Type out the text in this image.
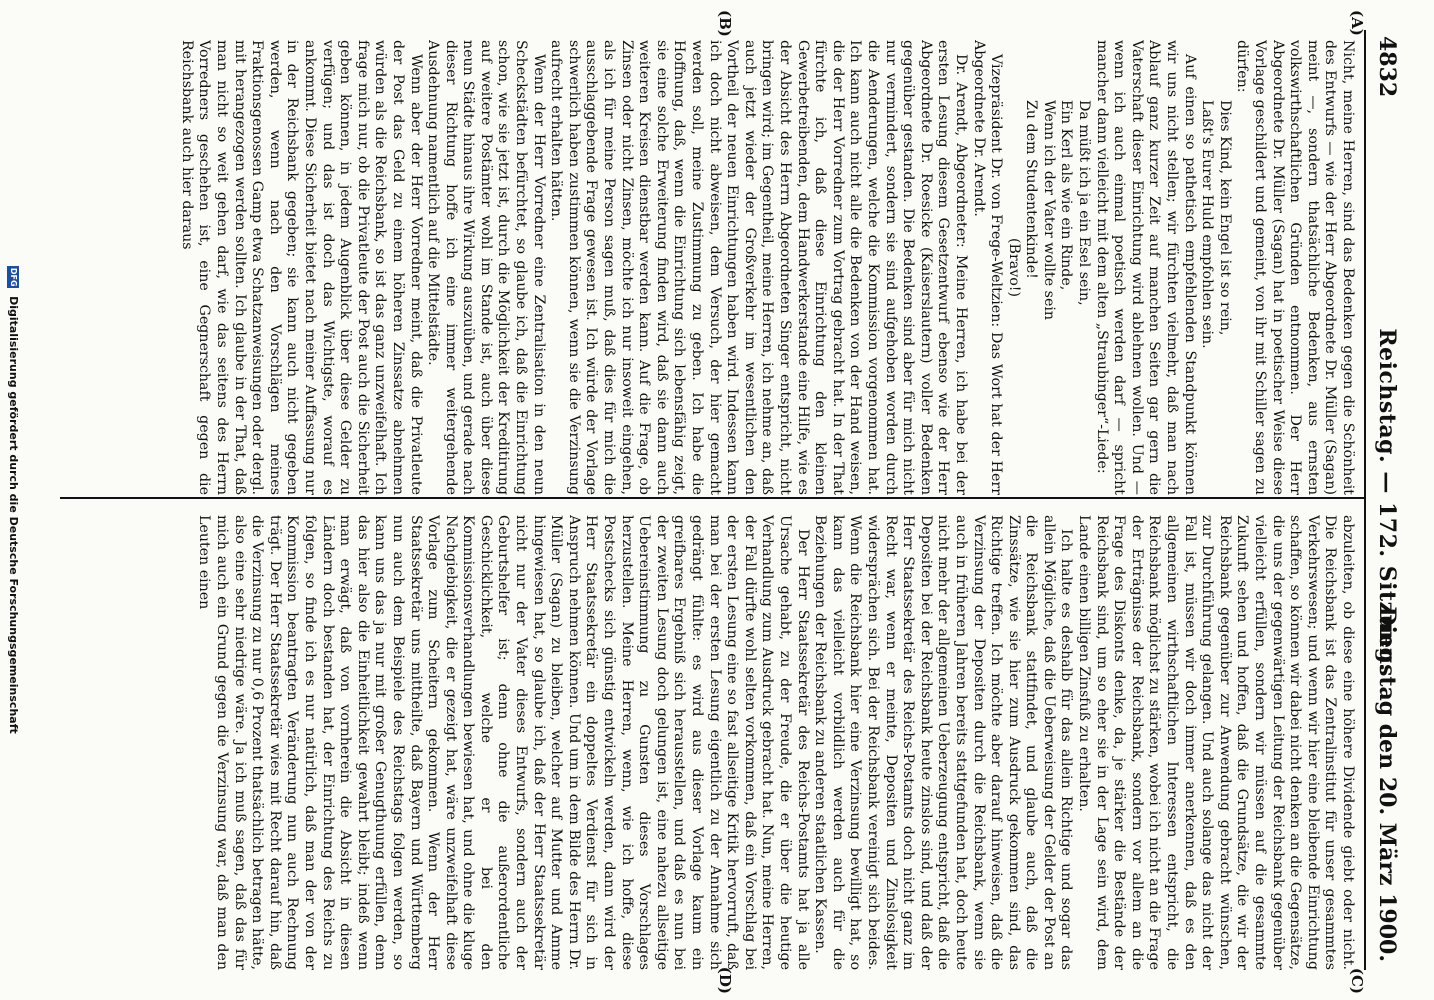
4832
Reichstag. — 172. Sitzung.
Dienstag den 20. März 1900.
(A)
(B)
(C)
(D)

Nicht, meine Herren, sind das Bedenken gegen die Schönheit des Entwurfs — wie der Herr Abgeordnete Dr. Müller (Sagan) meint —, sondern thatsächliche Bedenken, aus ernsten volkswirthschaftlichen Gründen entnommen. Der Herr Abgeordnete Dr. Müller (Sagan) hat in poetischer Weise diese Vorlage geschildert und gemeint, von ihr mit Schiller sagen zu dürfen:

Dies Kind, kein Engel ist so rein,

Laßt's Eurer Huld empfohlen sein.

Auf einen so pathetisch empfehlenden Standpunkt können wir uns nicht stellen; wir fürchten vielmehr, daß man nach Ablauf ganz kurzer Zeit auf manchen Seiten gar gern die Vaterschaft dieser Einrichtung wird ablehnen wollen. Und — wenn ich auch einmal poetisch werden darf — spricht mancher dann vielleicht mit dem alten „Straubinger“-Liede:

Da müßt ich ja ein Esel sein,

Ein Kerl als wie ein Rinde,

Wenn ich der Vater wollte sein

Zu dem Studentenkinde!

(Bravo!)

Vizepräsident Dr. von Frege-Weltzien: Das Wort hat der Herr Abgeordnete Dr. Arendt.

Dr. Arendt, Abgeordneter: Meine Herren, ich habe bei der ersten Lesung diesem Gesetzentwurf ebenso wie der Herr Abgeordnete Dr. Roesicke (Kaiserslautern) voller Bedenken gegenüber gestanden. Die Bedenken sind aber für mich nicht nur vermindert, sondern sie sind aufgehoben worden durch die Aenderungen, welche die Kommission vorgenommen hat. Ich kann auch nicht alle die Bedenken von der Hand weisen, die der Herr Vorredner zum Vortrag gebracht hat. In der That fürchte ich, daß diese Einrichtung den kleinen Gewerbetreibenden, dem Handwerkerstande eine Hilfe, wie es der Absicht des Herrn Abgeordneten Singer entspricht, nicht bringen wird; im Gegentheil, meine Herren, ich nehme an, daß auch jetzt wieder der Großverkehr im wesentlichen den Vortheil der neuen Einrichtungen haben wird. Indessen kann ich doch nicht abweisen, dem Versuch, der hier gemacht werden soll, meine Zustimmung zu geben. Ich habe die Hoffnung, daß, wenn die Einrichtung sich lebensfähig zeigt, sie eine solche Erweiterung finden wird, daß sie dann auch weiteren Kreisen dienstbar werden kann. Auf die Frage, ob Zinsen oder nicht Zinsen, möchte ich nur insoweit eingehen, als ich für meine Person sagen muß, daß dies für mich die ausschlaggebende Frage gewesen ist. Ich würde der Vorlage schwerlich haben zustimmen können, wenn sie die Verzinsung aufrecht erhalten hätten.

Wenn der Herr Vorredner eine Zentralisation in den neun Scheckstädten befürchtet, so glaube ich, daß die Einrichtung schon, wie sie jetzt ist, durch die Möglichkeit der Kreditirung auf weitere Postämter wohl im Stande ist, auch über diese neun Städte hinaus ihre Wirkung auszuüben, und gerade nach dieser Richtung hoffe ich eine immer weitergehende Ausdehnung namentlich auf die Mittelstädte.

Wenn aber der Herr Vorredner meint, daß die Privatleute der Post das Geld zu einem höheren Zinssatze abnehmen würden als die Reichsbank, so ist das ganz unzweifelhaft. Ich frage mich nur, ob die Privatleute der Post auch die Sicherheit geben können, in jedem Augenblick über diese Gelder zu verfügen; und das ist doch das Wichtigste, worauf es ankommt. Diese Sicherheit bietet nach meiner Auffassung nur in der Reichsbank gegeben; sie kann auch nicht gegeben werden, wenn nach den Vorschlägen meines Fraktionsgenossen Gamp etwa Schatzanweisungen oder dergl. mit herangezogen werden sollten. Ich glaube in der That, daß man nicht so weit gehen darf, wie das seitens des Herrn Vorredners geschehen ist, eine Gegnerschaft gegen die Reichsbank auch hier daraus

abzuleiten, ob diese eine höhere Dividende giebt oder nicht. Die Reichsbank ist das Zentralinstitut für unser gesammtes Verkehrswesen; und wenn wir hier eine bleibende Einrichtung schaffen, so können wir dabei nicht denken an die Gegensätze, die uns der gegenwärtigen Leitung der Reichsbank gegenüber vielleicht erfüllen, sondern wir müssen auf die gesammte Zukunft sehen und hoffen, daß die Grundsätze, die wir der Reichsbank gegenüber zur Anwendung gebracht wünschen, zur Durchführung gelangen. Und auch solange das nicht der Fall ist, müssen wir doch immer anerkennen, daß es den allgemeinen wirthschaftlichen Interessen entspricht, die Reichsbank möglichst zu stärken, wobei ich nicht an die Frage der Erträgnisse der Reichsbank, sondern vor allem an die Frage des Diskonts denke, da, je stärker die Bestände der Reichsbank sind, um so eher sie in der Lage sein wird, dem Lande einen billigen Zinsfuß zu erhalten.

Ich halte es deshalb für das allein Richtige und sogar das allein Mögliche, daß die Ueberweisung der Gelder der Post an die Reichsbank stattfindet, und glaube auch, daß die Zinssätze, wie sie hier zum Ausdruck gekommen sind, das Richtige treffen. Ich möchte aber darauf hinweisen, daß die Verzinsung der Depositen durch die Reichsbank, wenn sie auch in früheren Jahren bereits stattgefunden hat, doch heute nicht mehr der allgemeinen Ueberzeugung entspricht, daß die Depositen bei der Reichsbank heute zinslos sind, und daß der Herr Staatssekretär des Reichs-Postamts doch nicht ganz im Recht war, wenn er meinte, Depositen und Zinslosigkeit widersprächen sich. Bei der Reichsbank vereinigt sich beides. Wenn die Reichsbank hier eine Verzinsung bewilligt hat, so kann das vielleicht vorbildlich werden auch für die Beziehungen der Reichsbank zu anderen staatlichen Kassen.

Der Herr Staatssekretär des Reichs-Postamts hat ja alle Ursache gehabt, zu der Freude, die er über die heutige Verhandlung zum Ausdruck gebracht hat. Nun, meine Herren, der Fall dürfte wohl selten vorkommen, daß ein Vorschlag bei der ersten Lesung eine so fast allseitige Kritik hervorruft, daß man bei der ersten Lesung eigentlich zu der Annahme sich gedrängt fühlte: es wird aus dieser Vorlage kaum ein greifbares Ergebniß sich herausstellen, und daß es nun bei der zweiten Lesung doch gelungen ist, eine nahezu allseitige Uebereinstimmung zu Gunsten dieses Vorschlages herzustellen. Meine Herren, wenn, wie ich hoffe, diese Postschecks sich günstig entwickeln werden, dann wird der Herr Staatssekretär ein doppeltes Verdienst für sich in Anspruch nehmen können. Und um in dem Bilde des Herrn Dr. Müller (Sagan) zu bleiben, welcher auf Mutter und Amme hingewiesen hat, so glaube ich, daß der Herr Staatssekretär nicht nur der Vater dieses Entwurfs, sondern auch der Geburtshelfer ist; denn ohne die außerordentliche Geschicklichkeit, welche er bei den Kommissionsverhandlungen bewiesen hat, und ohne die kluge Nachgiebigkeit, die er gezeigt hat, wäre unzweifelhaft diese Vorlage zum Scheitern gekommen. Wenn der Herr Staatssekretär uns mittheilte, daß Bayern und Württemberg nun auch dem Beispiele des Reichstags folgen werden, so kann uns das ja nur mit großer Genugthuung erfüllen, denn das hier also die Einheitlichkeit gewahrt bleibt; indeß wenn man erwägt, daß von vornherein die Absicht in diesen Ländern doch bestanden hat, der Einrichtung des Reichs zu folgen, so finde ich es nur natürlich, daß man der von der Kommission beantragten Veränderung nun auch Rechnung trägt. Der Herr Staatssekretär wies mit Recht darauf hin, daß die Verzinsung zu nur 0,6 Prozent thatsächlich betragen hätte, also eine sehr niedrige wäre. Ja ich muß sagen, daß das für mich auch ein Grund gegen die Verzinsung war, daß man den Leuten einen

DFG Digitalisierung gefördert durch die Deutsche Forschungsgemeinschaft
